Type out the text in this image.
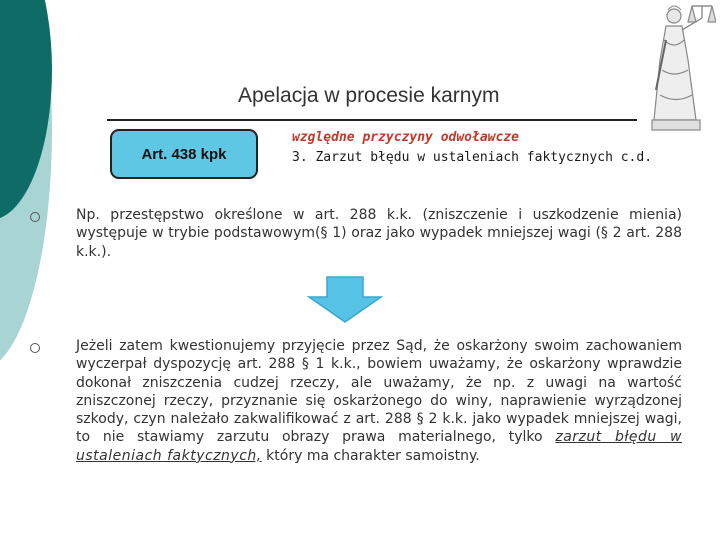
Apelacja w procesie karnym
Art. 438 kpk
względne przyczyny odwoławcze
3. Zarzut błędu w ustaleniach faktycznych c.d.
Np. przestępstwo określone w art. 288 k.k. (zniszczenie i uszkodzenie mienia) występuje w trybie podstawowym(§ 1) oraz jako wypadek mniejszej wagi (§ 2 art. 288 k.k.).
Jeżeli zatem kwestionujemy przyjęcie przez Sąd, że oskarżony swoim zachowaniem wyczerpał dyspozycję art. 288 § 1 k.k., bowiem uważamy, że oskarżony wprawdzie dokonał zniszczenia cudzej rzeczy, ale uważamy, że np. z uwagi na wartość zniszczonej rzeczy, przyznanie się oskarżonego do winy, naprawienie wyrządzonej szkody, czyn należało zakwalifikować z art. 288 § 2 k.k. jako wypadek mniejszej wagi, to nie stawiamy zarzutu obrazy prawa materialnego, tylko zarzut błędu w ustaleniach faktycznych, który ma charakter samoistny.
